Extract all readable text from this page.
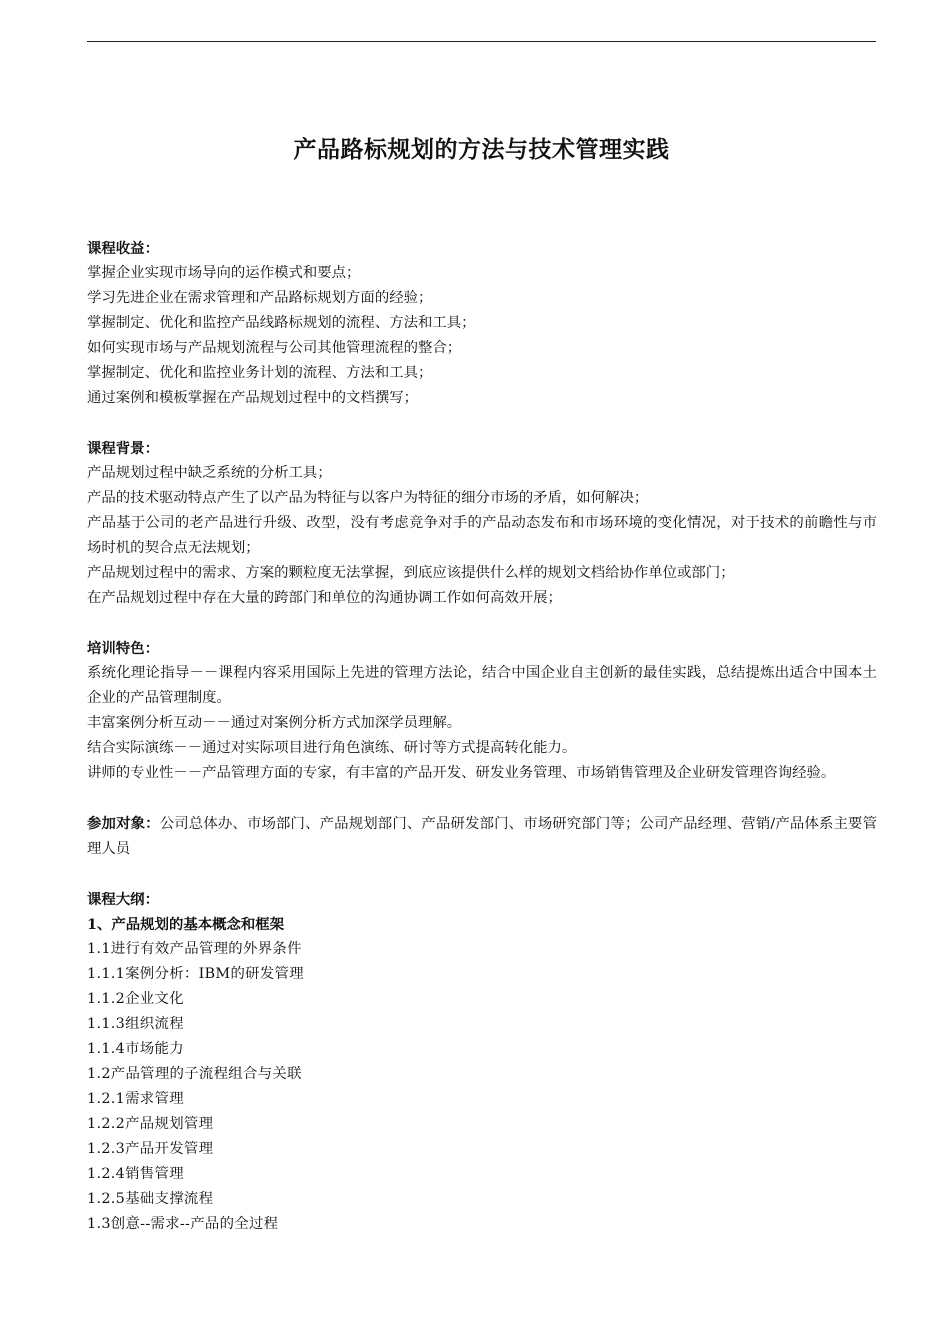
产品路标规划的方法与技术管理实践
课程收益：
掌握企业实现市场导向的运作模式和要点；
学习先进企业在需求管理和产品路标规划方面的经验；
掌握制定、优化和监控产品线路标规划的流程、方法和工具；
如何实现市场与产品规划流程与公司其他管理流程的整合；
掌握制定、优化和监控业务计划的流程、方法和工具；
通过案例和模板掌握在产品规划过程中的文档撰写；
课程背景：
产品规划过程中缺乏系统的分析工具；
产品的技术驱动特点产生了以产品为特征与以客户为特征的细分市场的矛盾，如何解决；
产品基于公司的老产品进行升级、改型，没有考虑竞争对手的产品动态发布和市场环境的变化情况，对于技术的前瞻性与市场时机的契合点无法规划；
产品规划过程中的需求、方案的颗粒度无法掌握，到底应该提供什么样的规划文档给协作单位或部门；
在产品规划过程中存在大量的跨部门和单位的沟通协调工作如何高效开展；
培训特色：
系统化理论指导－－课程内容采用国际上先进的管理方法论，结合中国企业自主创新的最佳实践，总结提炼出适合中国本土企业的产品管理制度。
丰富案例分析互动－－通过对案例分析方式加深学员理解。
结合实际演练－－通过对实际项目进行角色演练、研讨等方式提高转化能力。
讲师的专业性－－产品管理方面的专家，有丰富的产品开发、研发业务管理、市场销售管理及企业研发管理咨询经验。
参加对象：公司总体办、市场部门、产品规划部门、产品研发部门、市场研究部门等；公司产品经理、营销/产品体系主要管理人员
课程大纲：
1、产品规划的基本概念和框架
1.1进行有效产品管理的外界条件
1.1.1案例分析：IBM的研发管理
1.1.2企业文化
1.1.3组织流程
1.1.4市场能力
1.2产品管理的子流程组合与关联
1.2.1需求管理
1.2.2产品规划管理
1.2.3产品开发管理
1.2.4销售管理
1.2.5基础支撑流程
1.3创意--需求--产品的全过程
